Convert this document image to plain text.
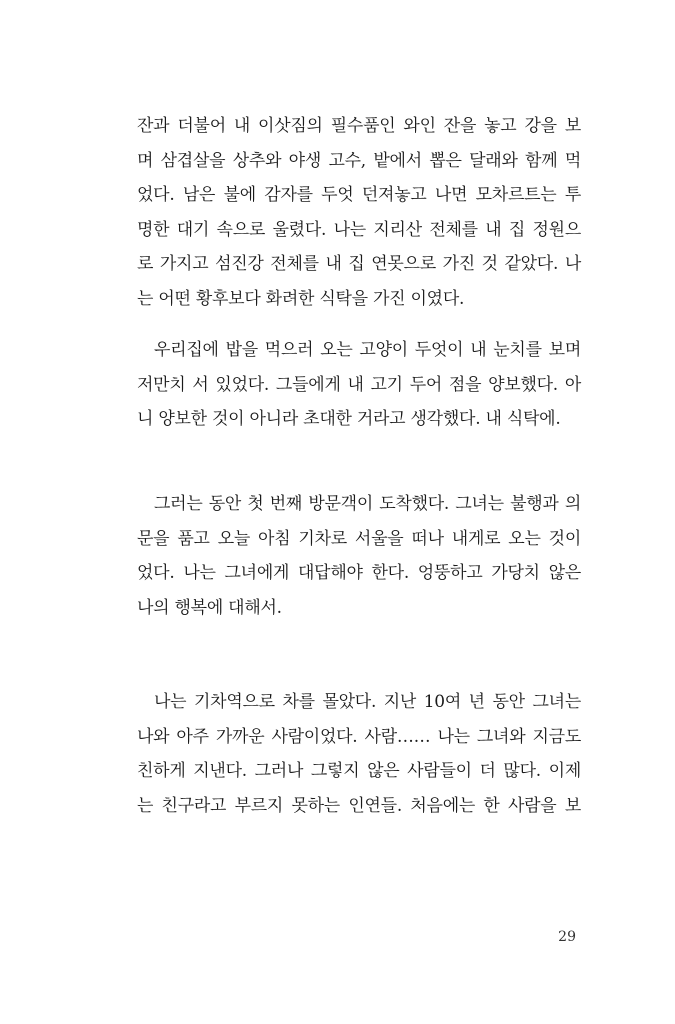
잔과 더불어 내 이삿짐의 필수품인 와인 잔을 놓고 강을 보
며 삼겹살을 상추와 야생 고수, 밭에서 뽑은 달래와 함께 먹
었다. 남은 불에 감자를 두엇 던져놓고 나면 모차르트는 투
명한 대기 속으로 울렸다. 나는 지리산 전체를 내 집 정원으
로 가지고 섬진강 전체를 내 집 연못으로 가진 것 같았다. 나
는 어떤 황후보다 화려한 식탁을 가진 이였다.
우리집에 밥을 먹으러 오는 고양이 두엇이 내 눈치를 보며
저만치 서 있었다. 그들에게 내 고기 두어 점을 양보했다. 아
니 양보한 것이 아니라 초대한 거라고 생각했다. 내 식탁에.
그러는 동안 첫 번째 방문객이 도착했다. 그녀는 불행과 의
문을 품고 오늘 아침 기차로 서울을 떠나 내게로 오는 것이
었다. 나는 그녀에게 대답해야 한다. 엉뚱하고 가당치 않은
나의 행복에 대해서.
나는 기차역으로 차를 몰았다. 지난 10여 년 동안 그녀는
나와 아주 가까운 사람이었다. 사람…… 나는 그녀와 지금도
친하게 지낸다. 그러나 그렇지 않은 사람들이 더 많다. 이제
는 친구라고 부르지 못하는 인연들. 처음에는 한 사람을 보
29
